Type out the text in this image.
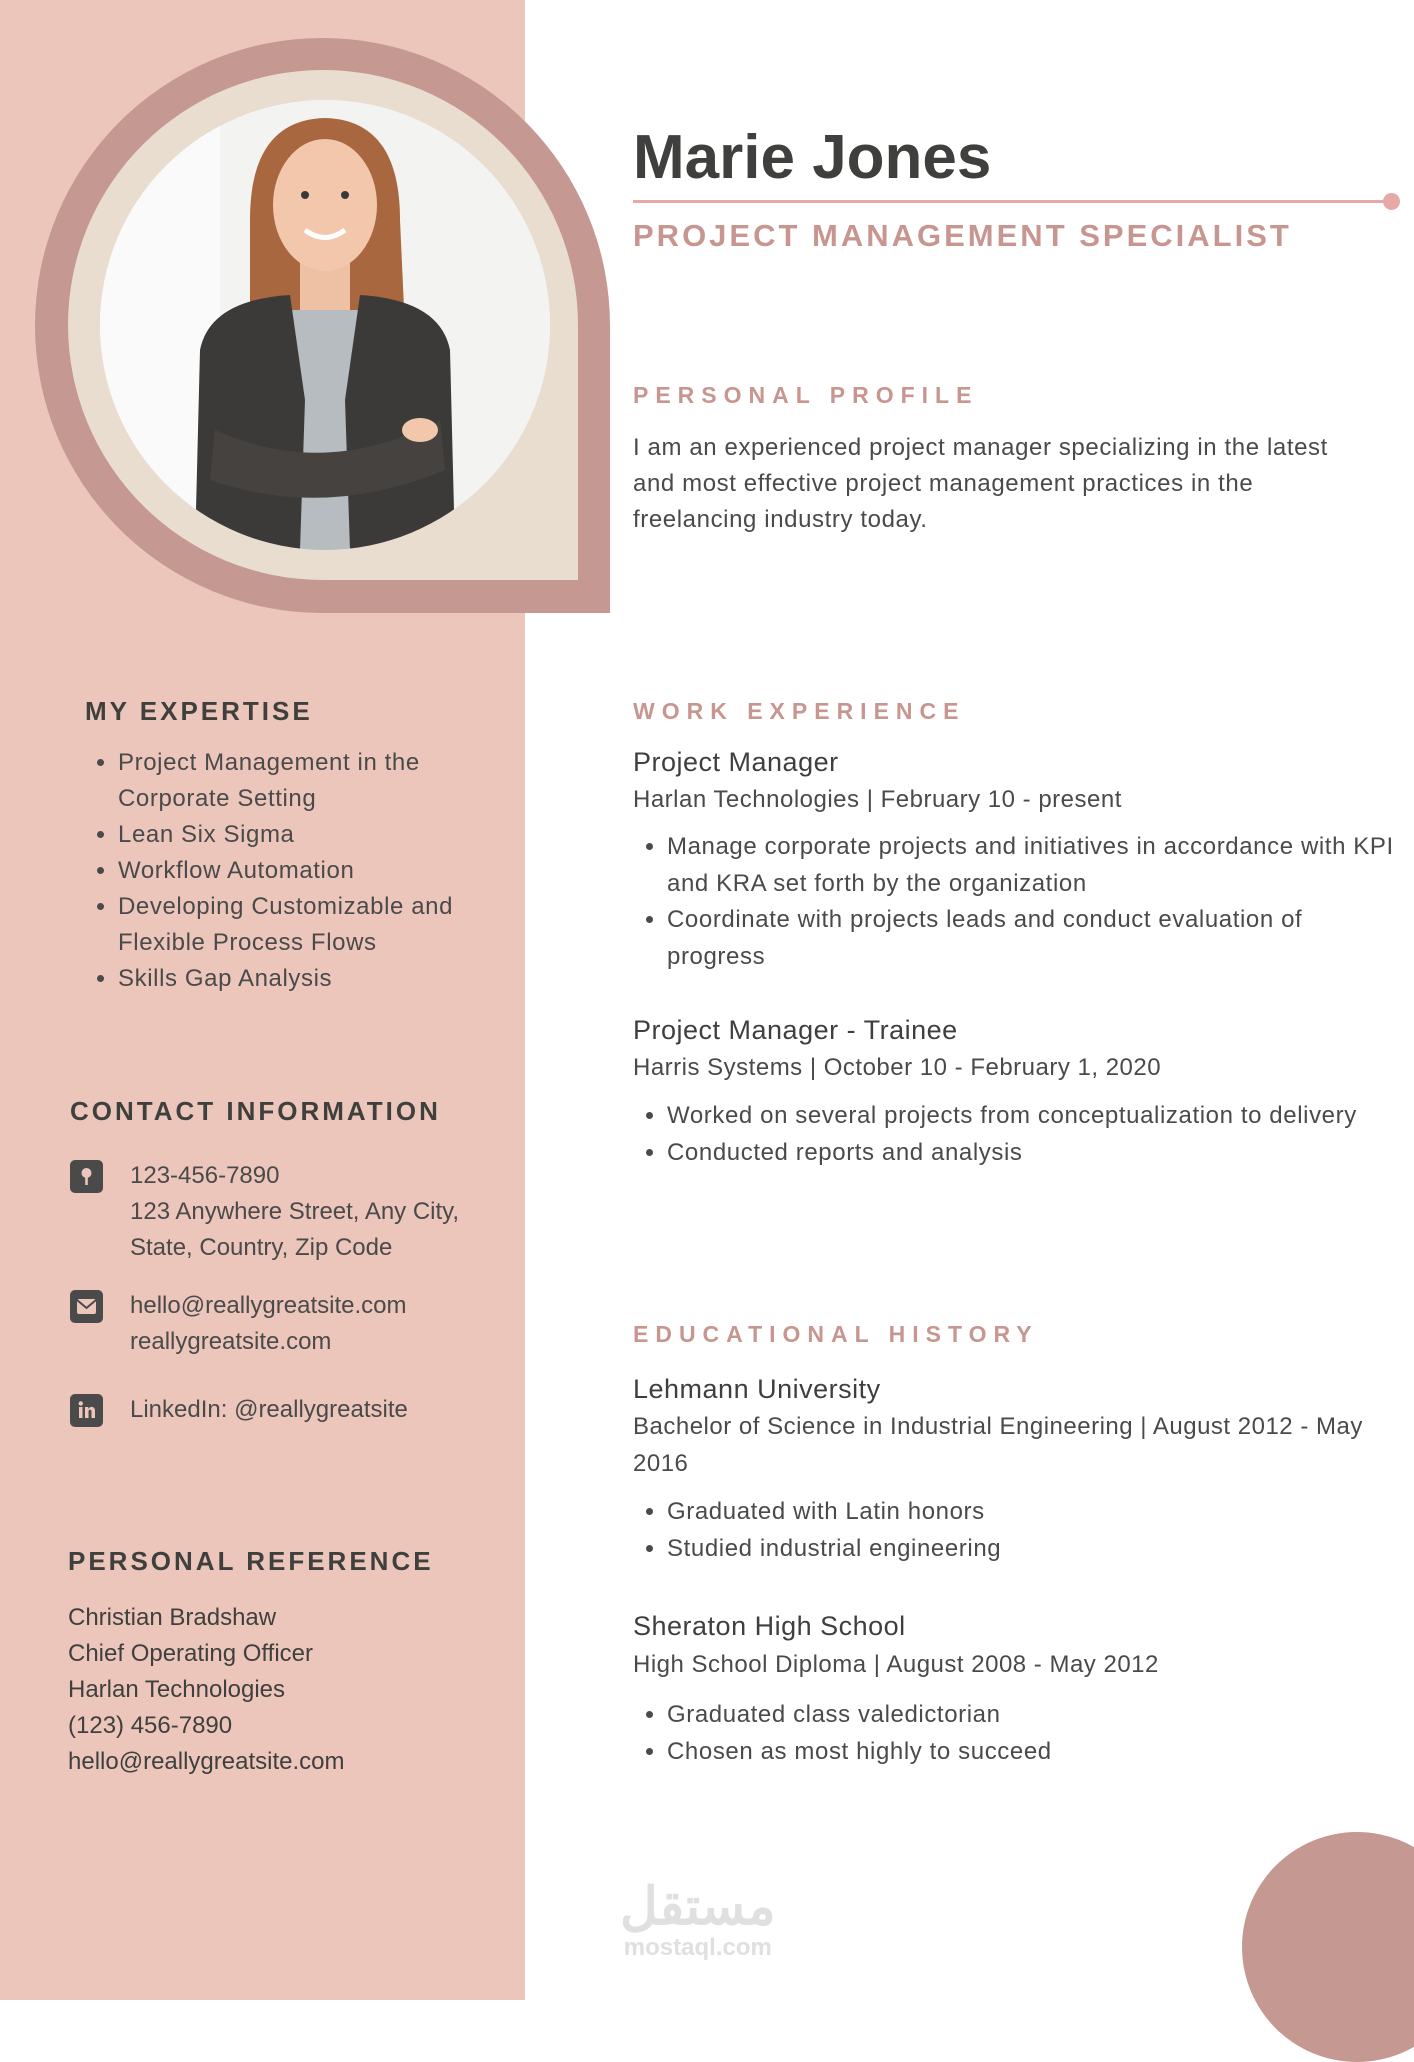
Marie Jones
PROJECT MANAGEMENT SPECIALIST
PERSONAL PROFILE
I am an experienced project manager specializing in the latest and most effective project management practices in the freelancing industry today.
WORK EXPERIENCE
Project Manager
Harlan Technologies | February 10 - present
• Manage corporate projects and initiatives in accordance with KPI and KRA set forth by the organization
• Coordinate with projects leads and conduct evaluation of progress
Project Manager - Trainee
Harris Systems | October 10 - February 1, 2020
• Worked on several projects from conceptualization to delivery
• Conducted reports and analysis
EDUCATIONAL HISTORY
Lehmann University
Bachelor of Science in Industrial Engineering | August 2012 - May 2016
• Graduated with Latin honors
• Studied industrial engineering
Sheraton High School
High School Diploma | August 2008 - May 2012
• Graduated class valedictorian
• Chosen as most highly to succeed
MY EXPERTISE
• Project Management in the Corporate Setting
• Lean Six Sigma
• Workflow Automation
• Developing Customizable and Flexible Process Flows
• Skills Gap Analysis
CONTACT INFORMATION
123-456-7890
123 Anywhere Street, Any City, State, Country, Zip Code
hello@reallygreatsite.com
reallygreatsite.com
LinkedIn: @reallygreatsite
PERSONAL REFERENCE
Christian Bradshaw
Chief Operating Officer
Harlan Technologies
(123) 456-7890
hello@reallygreatsite.com
مستقل
mostaql.com
